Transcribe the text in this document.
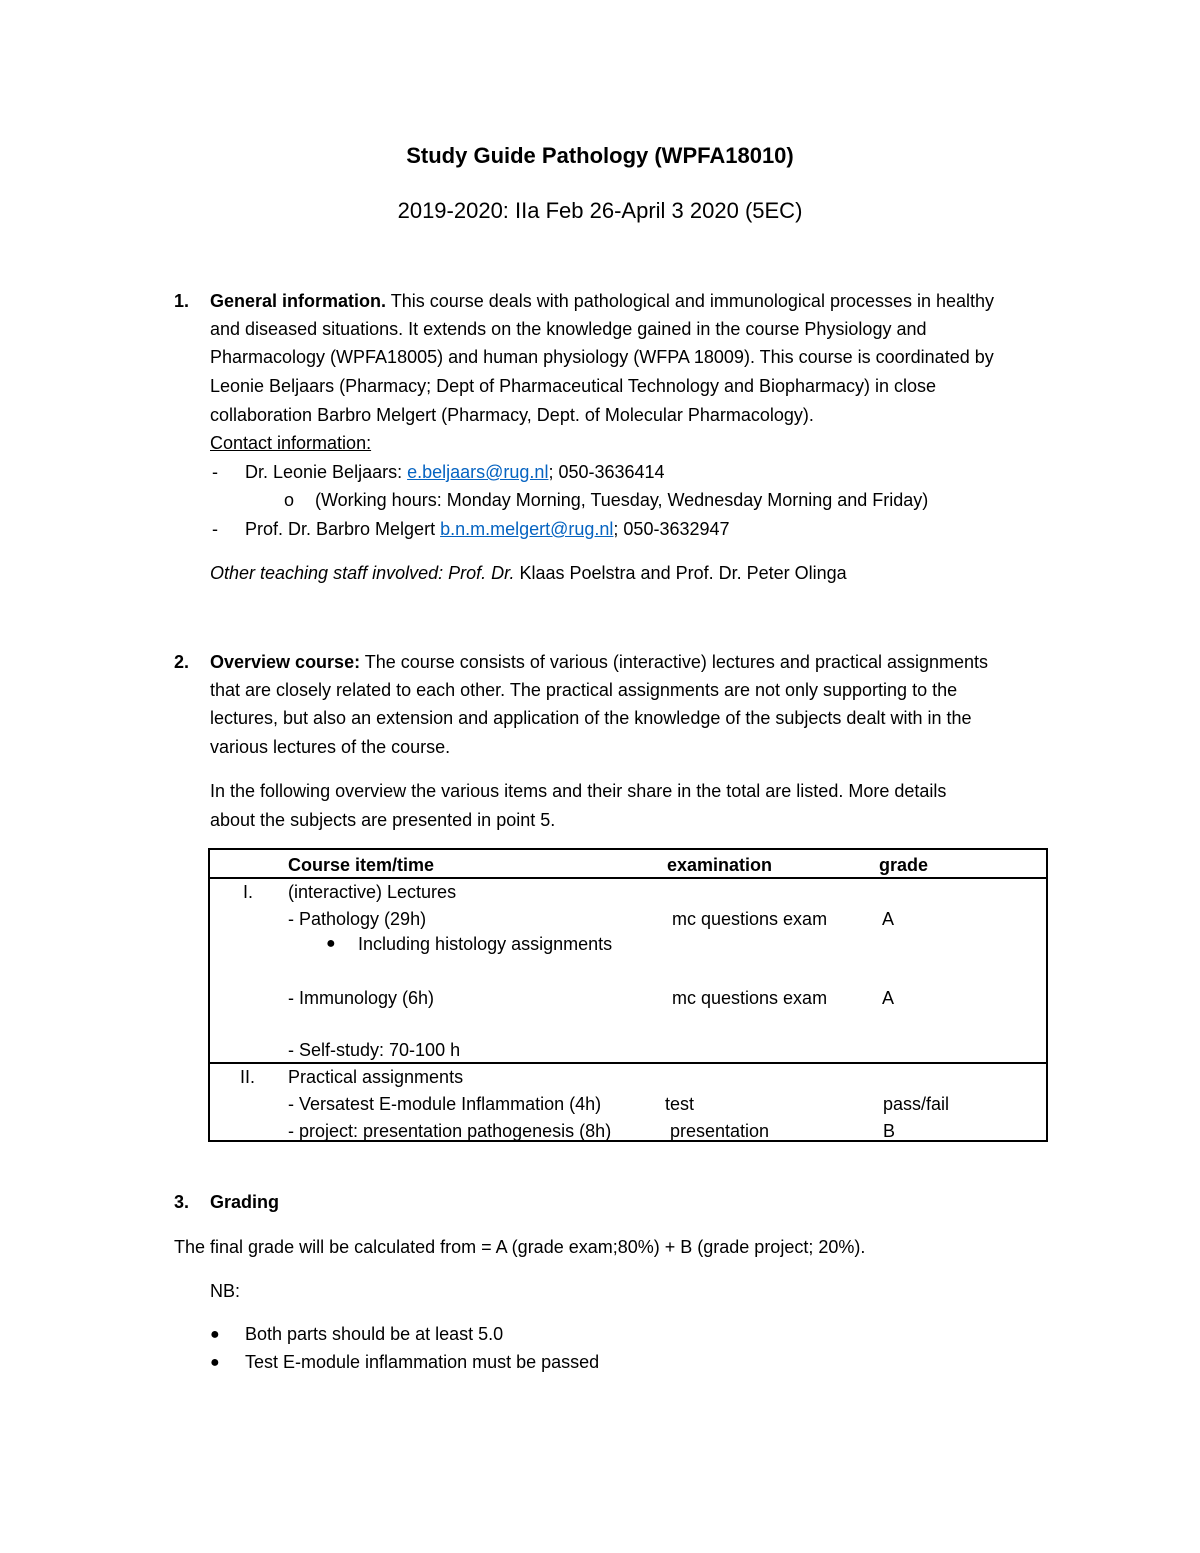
Study Guide Pathology (WPFA18010)
2019-2020: IIa Feb 26-April 3 2020 (5EC)
1. General information. This course deals with pathological and immunological processes in healthy
and diseased situations. It extends on the knowledge gained in the course Physiology and
Pharmacology (WPFA18005) and human physiology (WFPA 18009). This course is coordinated by
Leonie Beljaars (Pharmacy; Dept of Pharmaceutical Technology and Biopharmacy) in close
collaboration Barbro Melgert (Pharmacy, Dept. of Molecular Pharmacology).
Contact information:
- Dr. Leonie Beljaars: e.beljaars@rug.nl; 050-3636414
o (Working hours: Monday Morning, Tuesday, Wednesday Morning and Friday)
- Prof. Dr. Barbro Melgert b.n.m.melgert@rug.nl; 050-3632947
Other teaching staff involved: Prof. Dr. Klaas Poelstra and Prof. Dr. Peter Olinga
2. Overview course: The course consists of various (interactive) lectures and practical assignments
that are closely related to each other. The practical assignments are not only supporting to the
lectures, but also an extension and application of the knowledge of the subjects dealt with in the
various lectures of the course.
In the following overview the various items and their share in the total are listed. More details
about the subjects are presented in point 5.
Course item/time	examination	grade
I. (interactive) Lectures
- Pathology (29h)	mc questions exam	A
● Including histology assignments
- Immunology (6h)	mc questions exam	A
- Self-study: 70-100 h
II. Practical assignments
- Versatest E-module Inflammation (4h)	test	pass/fail
- project: presentation pathogenesis (8h)	presentation	B
3. Grading
The final grade will be calculated from = A (grade exam;80%) + B (grade project; 20%).
NB:
● Both parts should be at least 5.0
● Test E-module inflammation must be passed
